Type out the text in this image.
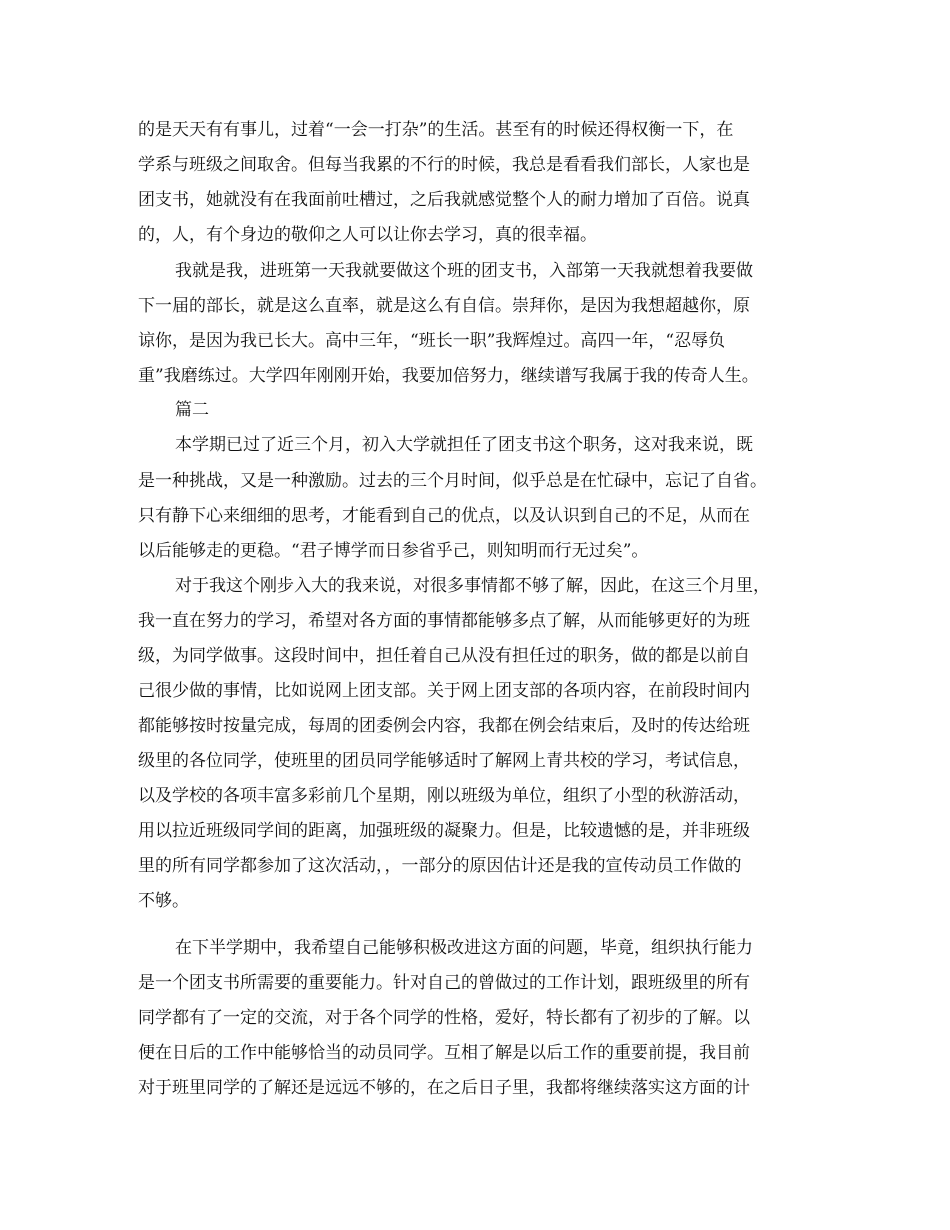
的是天天有有事儿，过着“一会一打杂”的生活。甚至有的时候还得权衡一下，在
学系与班级之间取舍。但每当我累的不行的时候，我总是看看我们部长，人家也是
团支书，她就没有在我面前吐槽过，之后我就感觉整个人的耐力增加了百倍。说真
的，人，有个身边的敬仰之人可以让你去学习，真的很幸福。
我就是我，进班第一天我就要做这个班的团支书，入部第一天我就想着我要做
下一届的部长，就是这么直率，就是这么有自信。崇拜你，是因为我想超越你，原
谅你，是因为我已长大。高中三年，“班长一职”我辉煌过。高四一年，“忍辱负
重”我磨练过。大学四年刚刚开始，我要加倍努力，继续谱写我属于我的传奇人生。
篇二
本学期已过了近三个月，初入大学就担任了团支书这个职务，这对我来说，既
是一种挑战，又是一种激励。过去的三个月时间，似乎总是在忙碌中，忘记了自省。
只有静下心来细细的思考，才能看到自己的优点，以及认识到自己的不足，从而在
以后能够走的更稳。“君子博学而日参省乎己，则知明而行无过矣”。
对于我这个刚步入大的我来说，对很多事情都不够了解，因此，在这三个月里，
我一直在努力的学习，希望对各方面的事情都能够多点了解，从而能够更好的为班
级，为同学做事。这段时间中，担任着自己从没有担任过的职务，做的都是以前自
己很少做的事情，比如说网上团支部。关于网上团支部的各项内容，在前段时间内
都能够按时按量完成，每周的团委例会内容，我都在例会结束后，及时的传达给班
级里的各位同学，使班里的团员同学能够适时了解网上青共校的学习，考试信息，
以及学校的各项丰富多彩前几个星期，刚以班级为单位，组织了小型的秋游活动，
用以拉近班级同学间的距离，加强班级的凝聚力。但是，比较遗憾的是，并非班级
里的所有同学都参加了这次活动，，一部分的原因估计还是我的宣传动员工作做的
不够。
在下半学期中，我希望自己能够积极改进这方面的问题，毕竟，组织执行能力
是一个团支书所需要的重要能力。针对自己的曾做过的工作计划，跟班级里的所有
同学都有了一定的交流，对于各个同学的性格，爱好，特长都有了初步的了解。以
便在日后的工作中能够恰当的动员同学。互相了解是以后工作的重要前提，我目前
对于班里同学的了解还是远远不够的，在之后日子里，我都将继续落实这方面的计
